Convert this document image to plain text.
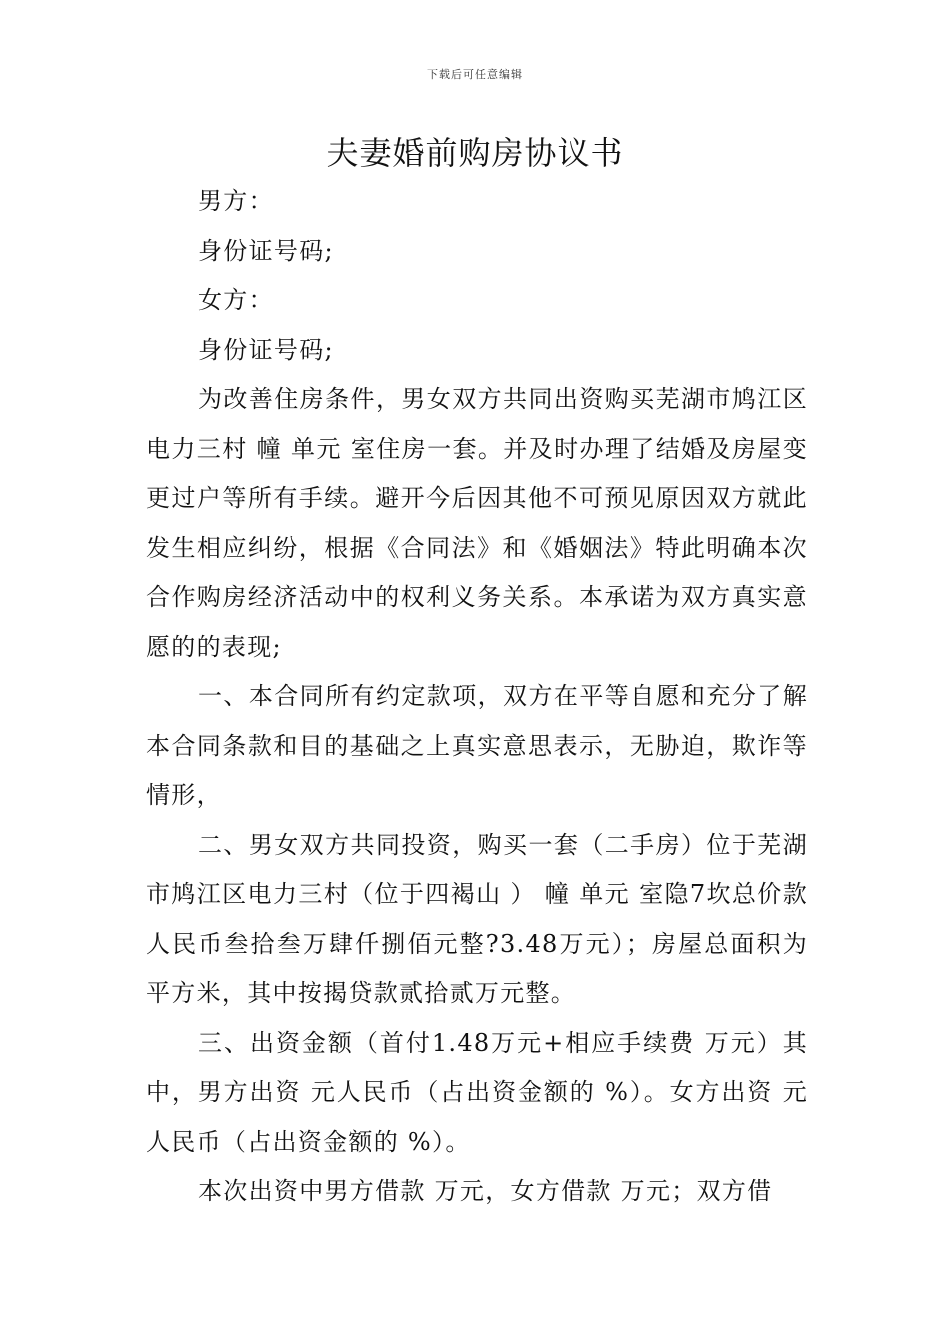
下载后可任意编辑
夫妻婚前购房协议书

男方：

身份证号码;

女方：

身份证号码;

为改善住房条件，男女双方共同出资购买芜湖市鸠江区电力三村 幢 单元 室住房一套。并及时办理了结婚及房屋变更过户等所有手续。避开今后因其他不可预见原因双方就此发生相应纠纷，根据《合同法》和《婚姻法》特此明确本次合作购房经济活动中的权利义务关系。本承诺为双方真实意愿的的表现;

一、本合同所有约定款项，双方在平等自愿和充分了解本合同条款和目的基础之上真实意思表示，无胁迫，欺诈等情形，

二、男女双方共同投资，购买一套（二手房）位于芜湖市鸠江区电力三村（位于四褐山 ） 幢 单元 室隐7坎总价款人民币叁拾叁万肆仟捌佰元整?3.48万元）；房屋总面积为 平方米，其中按揭贷款贰拾贰万元整。

三、出资金额（首付1.48万元+相应手续费 万元）其中，男方出资 元人民币（占出资金额的 %）。女方出资 元人民币（占出资金额的 %）。

本次出资中男方借款 万元，女方借款 万元；双方借
